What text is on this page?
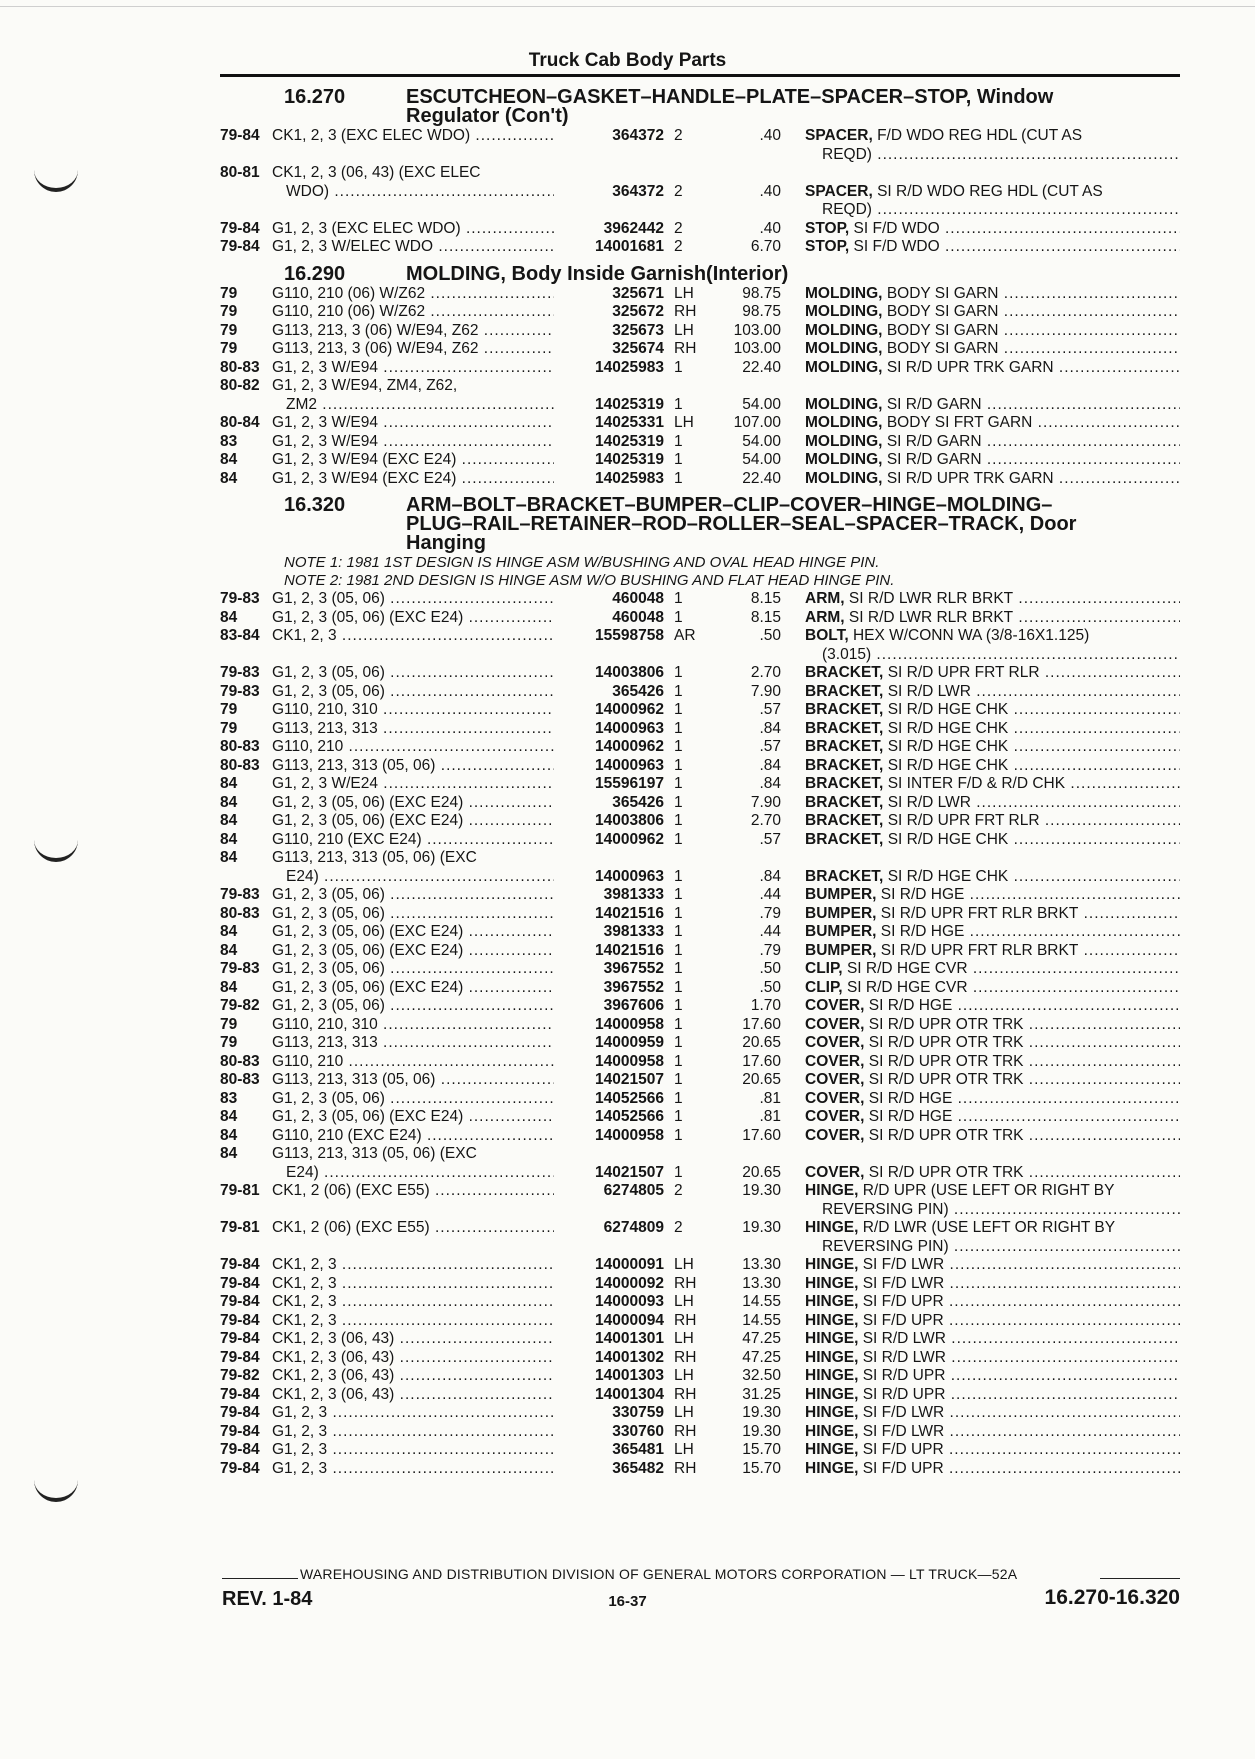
Truck Cab Body Parts
16.270	ESCUTCHEON–GASKET–HANDLE–PLATE–SPACER–STOP, Window
Regulator (Con't)
79-84 CK1, 2, 3 (EXC ELEC WDO) .....	364372 2	.40	SPACER, F/D WDO REG HDL (CUT AS
REQD) .....
80-81 CK1, 2, 3 (06, 43) (EXC ELEC
WDO) .....	364372 2	.40	SPACER, SI R/D WDO REG HDL (CUT AS
REQD) .....
79-84 G1, 2, 3 (EXC ELEC WDO) .....	3962442 2	.40	STOP, SI F/D WDO .....
79-84 G1, 2, 3 W/ELEC WDO .....	14001681 2	6.70	STOP, SI F/D WDO .....
16.290	MOLDING, Body Inside Garnish(Interior)
79	G110, 210 (06) W/Z62 .....	325671 LH	98.75	MOLDING, BODY SI GARN .....
79	G110, 210 (06) W/Z62 .....	325672 RH	98.75	MOLDING, BODY SI GARN .....
79	G113, 213, 3 (06) W/E94, Z62 .....	325673 LH	103.00	MOLDING, BODY SI GARN .....
79	G113, 213, 3 (06) W/E94, Z62 .....	325674 RH	103.00	MOLDING, BODY SI GARN .....
80-83 G1, 2, 3 W/E94 .....	14025983 1	22.40	MOLDING, SI R/D UPR TRK GARN .....
80-82 G1, 2, 3 W/E94, ZM4, Z62,
ZM2 .....	14025319 1	54.00	MOLDING, SI R/D GARN .....
80-84 G1, 2, 3 W/E94 .....	14025331 LH	107.00	MOLDING, BODY SI FRT GARN .....
83	G1, 2, 3 W/E94 .....	14025319 1	54.00	MOLDING, SI R/D GARN .....
84	G1, 2, 3 W/E94 (EXC E24) .....	14025319 1	54.00	MOLDING, SI R/D GARN .....
84	G1, 2, 3 W/E94 (EXC E24) .....	14025983 1	22.40	MOLDING, SI R/D UPR TRK GARN .....
16.320	ARM–BOLT–BRACKET–BUMPER–CLIP–COVER–HINGE–MOLDING–
PLUG–RAIL–RETAINER–ROD–ROLLER–SEAL–SPACER–TRACK, Door
Hanging
NOTE 1: 1981 1ST DESIGN IS HINGE ASM W/BUSHING AND OVAL HEAD HINGE PIN.
NOTE 2: 1981 2ND DESIGN IS HINGE ASM W/O BUSHING AND FLAT HEAD HINGE PIN.
79-83 G1, 2, 3 (05, 06) .....	460048 1	8.15	ARM, SI R/D LWR RLR BRKT .....
84	G1, 2, 3 (05, 06) (EXC E24) .....	460048 1	8.15	ARM, SI R/D LWR RLR BRKT .....
83-84 CK1, 2, 3 .....	15598758 AR	.50	BOLT, HEX W/CONN WA (3/8-16X1.125)
(3.015) .....
79-83 G1, 2, 3 (05, 06) .....	14003806 1	2.70	BRACKET, SI R/D UPR FRT RLR .....
79-83 G1, 2, 3 (05, 06) .....	365426 1	7.90	BRACKET, SI R/D LWR .....
79	G110, 210, 310 .....	14000962 1	.57	BRACKET, SI R/D HGE CHK .....
79	G113, 213, 313 .....	14000963 1	.84	BRACKET, SI R/D HGE CHK .....
80-83 G110, 210 .....	14000962 1	.57	BRACKET, SI R/D HGE CHK .....
80-83 G113, 213, 313 (05, 06) .....	14000963 1	.84	BRACKET, SI R/D HGE CHK .....
84	G1, 2, 3 W/E24 .....	15596197 1	.84	BRACKET, SI INTER F/D & R/D CHK .....
84	G1, 2, 3 (05, 06) (EXC E24) .....	365426 1	7.90	BRACKET, SI R/D LWR .....
84	G1, 2, 3 (05, 06) (EXC E24) .....	14003806 1	2.70	BRACKET, SI R/D UPR FRT RLR .....
84	G110, 210 (EXC E24) .....	14000962 1	.57	BRACKET, SI R/D HGE CHK .....
84	G113, 213, 313 (05, 06) (EXC
E24) .....	14000963 1	.84	BRACKET, SI R/D HGE CHK .....
79-83 G1, 2, 3 (05, 06) .....	3981333 1	.44	BUMPER, SI R/D HGE .....
80-83 G1, 2, 3 (05, 06) .....	14021516 1	.79	BUMPER, SI R/D UPR FRT RLR BRKT .....
84	G1, 2, 3 (05, 06) (EXC E24) .....	3981333 1	.44	BUMPER, SI R/D HGE .....
84	G1, 2, 3 (05, 06) (EXC E24) .....	14021516 1	.79	BUMPER, SI R/D UPR FRT RLR BRKT .....
79-83 G1, 2, 3 (05, 06) .....	3967552 1	.50	CLIP, SI R/D HGE CVR .....
84	G1, 2, 3 (05, 06) (EXC E24) .....	3967552 1	.50	CLIP, SI R/D HGE CVR .....
79-82 G1, 2, 3 (05, 06) .....	3967606 1	1.70	COVER, SI R/D HGE .....
79	G110, 210, 310 .....	14000958 1	17.60	COVER, SI R/D UPR OTR TRK .....
79	G113, 213, 313 .....	14000959 1	20.65	COVER, SI R/D UPR OTR TRK .....
80-83 G110, 210 .....	14000958 1	17.60	COVER, SI R/D UPR OTR TRK .....
80-83 G113, 213, 313 (05, 06) .....	14021507 1	20.65	COVER, SI R/D UPR OTR TRK .....
83	G1, 2, 3 (05, 06) .....	14052566 1	.81	COVER, SI R/D HGE .....
84	G1, 2, 3 (05, 06) (EXC E24) .....	14052566 1	.81	COVER, SI R/D HGE .....
84	G110, 210 (EXC E24) .....	14000958 1	17.60	COVER, SI R/D UPR OTR TRK .....
84	G113, 213, 313 (05, 06) (EXC
E24) .....	14021507 1	20.65	COVER, SI R/D UPR OTR TRK .....
79-81 CK1, 2 (06) (EXC E55) .....	6274805 2	19.30	HINGE, R/D UPR (USE LEFT OR RIGHT BY
REVERSING PIN) .....
79-81 CK1, 2 (06) (EXC E55) .....	6274809 2	19.30	HINGE, R/D LWR (USE LEFT OR RIGHT BY
REVERSING PIN) .....
79-84 CK1, 2, 3 .....	14000091 LH	13.30	HINGE, SI F/D LWR .....
79-84 CK1, 2, 3 .....	14000092 RH	13.30	HINGE, SI F/D LWR .....
79-84 CK1, 2, 3 .....	14000093 LH	14.55	HINGE, SI F/D UPR .....
79-84 CK1, 2, 3 .....	14000094 RH	14.55	HINGE, SI F/D UPR .....
79-84 CK1, 2, 3 (06, 43) .....	14001301 LH	47.25	HINGE, SI R/D LWR .....
79-84 CK1, 2, 3 (06, 43) .....	14001302 RH	47.25	HINGE, SI R/D LWR .....
79-82 CK1, 2, 3 (06, 43) .....	14001303 LH	32.50	HINGE, SI R/D UPR .....
79-84 CK1, 2, 3 (06, 43) .....	14001304 RH	31.25	HINGE, SI R/D UPR .....
79-84 G1, 2, 3 .....	330759 LH	19.30	HINGE, SI F/D LWR .....
79-84 G1, 2, 3 .....	330760 RH	19.30	HINGE, SI F/D LWR .....
79-84 G1, 2, 3 .....	365481 LH	15.70	HINGE, SI F/D UPR .....
79-84 G1, 2, 3 .....	365482 RH	15.70	HINGE, SI F/D UPR .....
WAREHOUSING AND DISTRIBUTION DIVISION OF GENERAL MOTORS CORPORATION — LT TRUCK—52A
REV. 1-84	16-37	16.270-16.320
